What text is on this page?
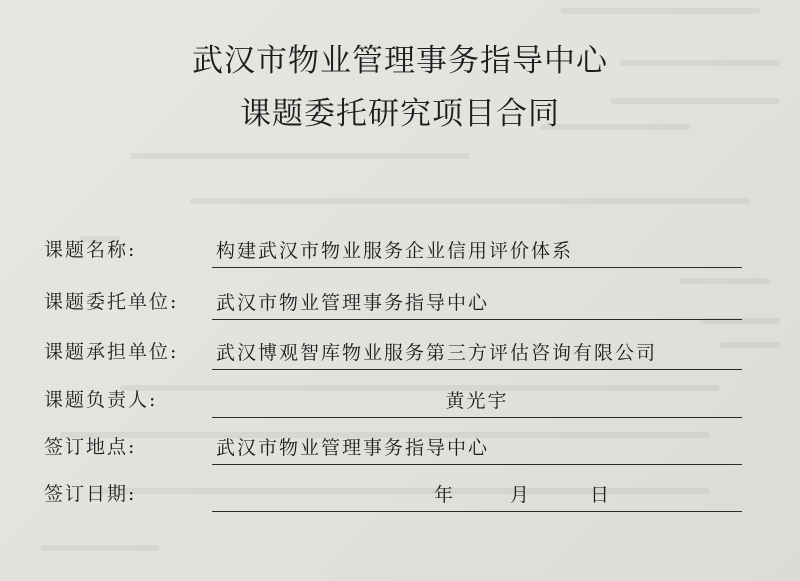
武汉市物业管理事务指导中心
课题委托研究项目合同
课题名称:	构建武汉市物业服务企业信用评价体系
课题委托单位: 武汉市物业管理事务指导中心
课题承担单位: 武汉博观智库物业服务第三方评估咨询有限公司
课题负责人:	黄光宇
签订地点:	武汉市物业管理事务指导中心
签订日期:	年	月	日
